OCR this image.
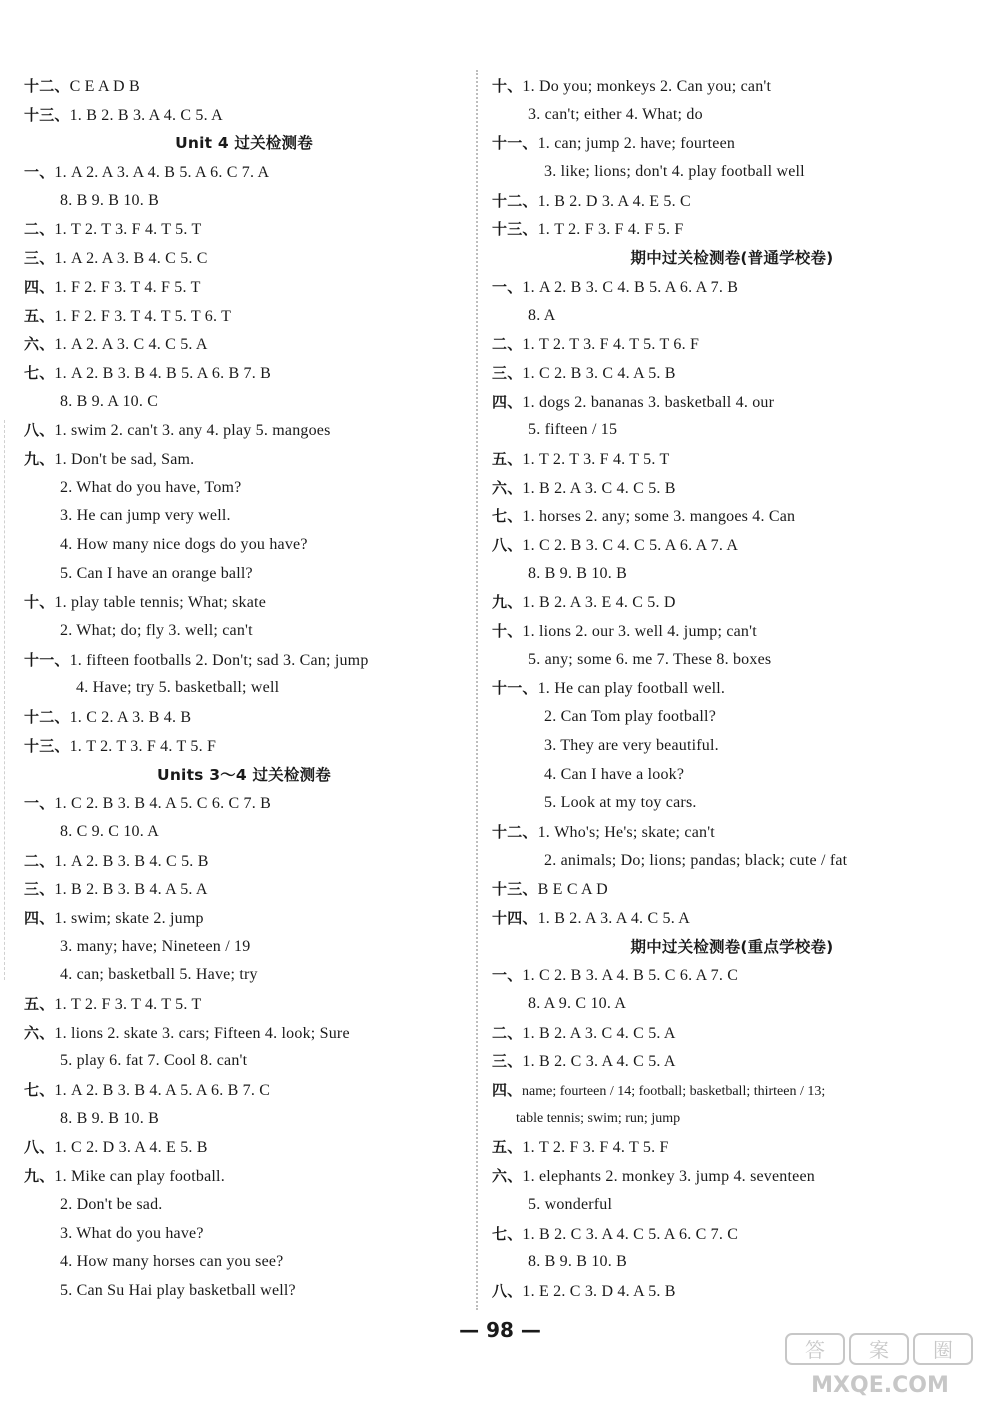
十二、C E A D B
十三、1. B 2. B 3. A 4. C 5. A
Unit 4 过关检测卷
一、1. A 2. A 3. A 4. B 5. A 6. C 7. A
8. B 9. B 10. B
二、1. T 2. T 3. F 4. T 5. T
三、1. A 2. A 3. B 4. C 5. C
四、1. F 2. F 3. T 4. F 5. T
五、1. F 2. F 3. T 4. T 5. T 6. T
六、1. A 2. A 3. C 4. C 5. A
七、1. A 2. B 3. B 4. B 5. A 6. B 7. B
8. B 9. A 10. C
八、1. swim 2. can't 3. any 4. play 5. mangoes
九、1. Don't be sad, Sam.
2. What do you have, Tom?
3. He can jump very well.
4. How many nice dogs do you have?
5. Can I have an orange ball?
十、1. play table tennis; What; skate
2. What; do; fly 3. well; can't
十一、1. fifteen footballs 2. Don't; sad 3. Can; jump
4. Have; try 5. basketball; well
十二、1. C 2. A 3. B 4. B
十三、1. T 2. T 3. F 4. T 5. F
Units 3～4 过关检测卷
一、1. C 2. B 3. B 4. A 5. C 6. C 7. B
8. C 9. C 10. A
二、1. A 2. B 3. B 4. C 5. B
三、1. B 2. B 3. B 4. A 5. A
四、1. swim; skate 2. jump
3. many; have; Nineteen / 19
4. can; basketball 5. Have; try
五、1. T 2. F 3. T 4. T 5. T
六、1. lions 2. skate 3. cars; Fifteen 4. look; Sure
5. play 6. fat 7. Cool 8. can't
七、1. A 2. B 3. B 4. A 5. A 6. B 7. C
8. B 9. B 10. B
八、1. C 2. D 3. A 4. E 5. B
九、1. Mike can play football.
2. Don't be sad.
3. What do you have?
4. How many horses can you see?
5. Can Su Hai play basketball well?
十、1. Do you; monkeys 2. Can you; can't
3. can't; either 4. What; do
十一、1. can; jump 2. have; fourteen
3. like; lions; don't 4. play football well
十二、1. B 2. D 3. A 4. E 5. C
十三、1. T 2. F 3. F 4. F 5. F
期中过关检测卷(普通学校卷)
一、1. A 2. B 3. C 4. B 5. A 6. A 7. B
8. A
二、1. T 2. T 3. F 4. T 5. T 6. F
三、1. C 2. B 3. C 4. A 5. B
四、1. dogs 2. bananas 3. basketball 4. our
5. fifteen / 15
五、1. T 2. T 3. F 4. T 5. T
六、1. B 2. A 3. C 4. C 5. B
七、1. horses 2. any; some 3. mangoes 4. Can
八、1. C 2. B 3. C 4. C 5. A 6. A 7. A
8. B 9. B 10. B
九、1. B 2. A 3. E 4. C 5. D
十、1. lions 2. our 3. well 4. jump; can't
5. any; some 6. me 7. These 8. boxes
十一、1. He can play football well.
2. Can Tom play football?
3. They are very beautiful.
4. Can I have a look?
5. Look at my toy cars.
十二、1. Who's; He's; skate; can't
2. animals; Do; lions; pandas; black; cute / fat
十三、B E C A D
十四、1. B 2. A 3. A 4. C 5. A
期中过关检测卷(重点学校卷)
一、1. C 2. B 3. A 4. B 5. C 6. A 7. C
8. A 9. C 10. A
二、1. B 2. A 3. C 4. C 5. A
三、1. B 2. C 3. A 4. C 5. A
四、name; fourteen / 14; football; basketball; thirteen / 13;
table tennis; swim; run; jump
五、1. T 2. F 3. F 4. T 5. F
六、1. elephants 2. monkey 3. jump 4. seventeen
5. wonderful
七、1. B 2. C 3. A 4. C 5. A 6. C 7. C
8. B 9. B 10. B
八、1. E 2. C 3. D 4. A 5. B
— 98 —
答 案 圈
MXQE.COM
